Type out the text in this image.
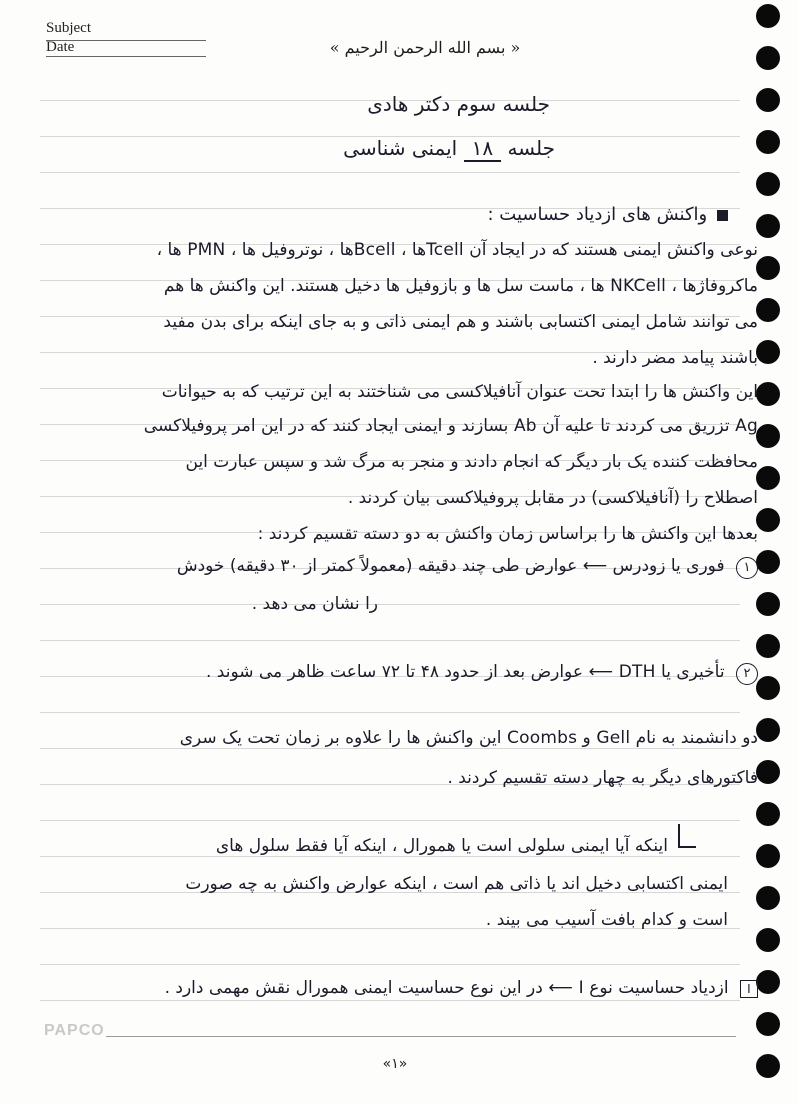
Subject
Date	« بسم الله الرحمن الرحیم »
جلسه سوم دکتر هادی
جلسه ۱۸ ایمنی شناسی
واکنش های ازدیاد حساسیت :
نوعی واکنش ایمنی هستند که در ایجاد آن Tcellها ، Bcellها ، نوتروفیل ها ، PMN ها ،
ماکروفاژها ، NKCell ها ، ماست سل ها و بازوفیل ها دخیل هستند. این واکنش ها هم
می توانند شامل ایمنی اکتسابی باشند و هم ایمنی ذاتی و به جای اینکه برای بدن مفید
باشند پیامد مضر دارند .
این واکنش ها را ابتدا تحت عنوان آنافیلاکسی می شناختند به این ترتیب که به حیوانات
Ag تزریق می کردند تا علیه آن Ab بسازند و ایمنی ایجاد کنند که در این امر پروفیلاکسی
محافظت کننده یک بار دیگر که انجام دادند و منجر به مرگ شد و سپس عبارت این
اصطلاح را (آنافیلاکسی) در مقابل پروفیلاکسی بیان کردند .
بعدها این واکنش ها را براساس زمان واکنش به دو دسته تقسیم کردند :
۱ فوری یا زودرس ⟵ عوارض طی چند دقیقه (معمولاً کمتر از ۳۰ دقیقه) خودش
را نشان می دهد .
۲ تأخیری یا DTH ⟵ عوارض بعد از حدود ۴۸ تا ۷۲ ساعت ظاهر می شوند .
دو دانشمند به نام Gell و Coombs این واکنش ها را علاوه بر زمان تحت یک سری
فاکتورهای دیگر به چهار دسته تقسیم کردند .
اینکه آیا ایمنی سلولی است یا همورال ، اینکه آیا فقط سلول های
ایمنی اکتسابی دخیل اند یا ذاتی هم است ، اینکه عوارض واکنش به چه صورت
است و کدام بافت آسیب می بیند .
I ازدیاد حساسیت نوع I ⟵ در این نوع حساسیت ایمنی همورال نقش مهمی دارد .
PAPCO
«۱»
